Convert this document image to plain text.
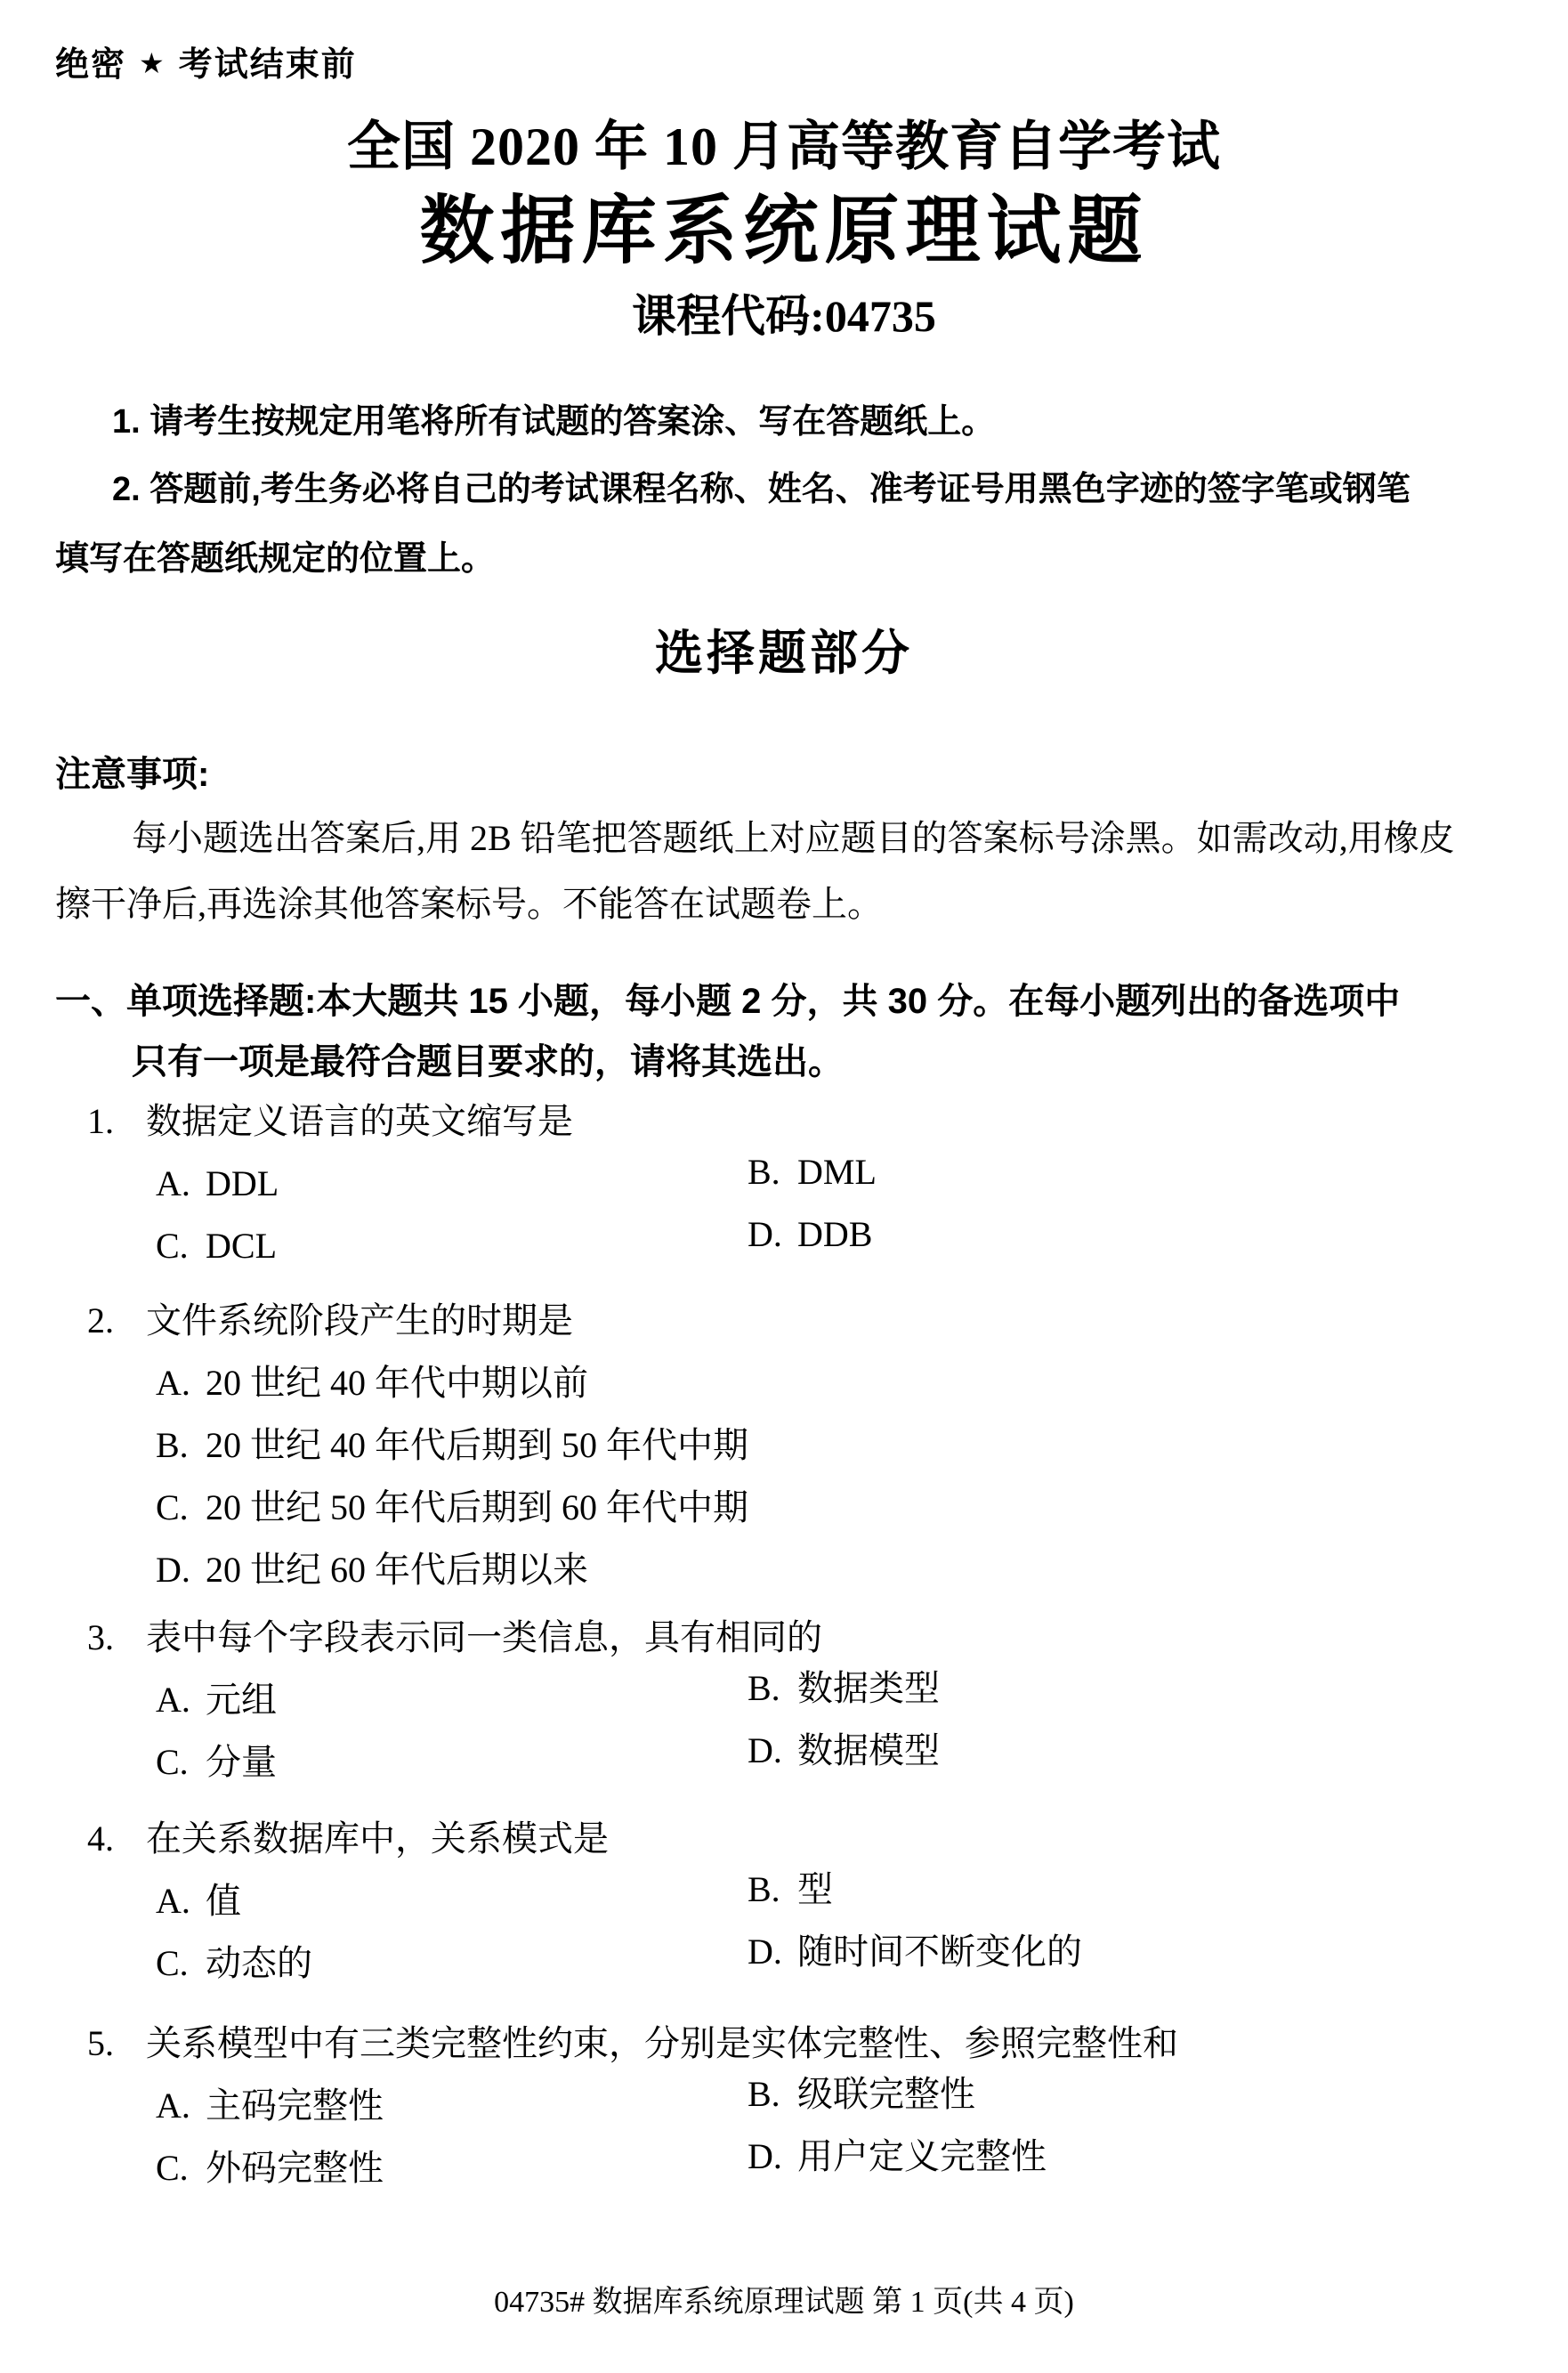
绝密 ★ 考试结束前
全国 2020 年 10 月高等教育自学考试
数据库系统原理试题
课程代码:04735
1. 请考生按规定用笔将所有试题的答案涂、写在答题纸上。
2. 答题前,考生务必将自己的考试课程名称、姓名、准考证号用黑色字迹的签字笔或钢笔
填写在答题纸规定的位置上。
选择题部分
注意事项:
每小题选出答案后,用 2B 铅笔把答题纸上对应题目的答案标号涂黑。如需改动,用橡皮
擦干净后,再选涂其他答案标号。不能答在试题卷上。
一、单项选择题:本大题共 15 小题，每小题 2 分，共 30 分。在每小题列出的备选项中
只有一项是最符合题目要求的，请将其选出。
1. 数据定义语言的英文缩写是
A. DDL	B. DML
C. DCL	D. DDB
2. 文件系统阶段产生的时期是
A. 20 世纪 40 年代中期以前
B. 20 世纪 40 年代后期到 50 年代中期
C. 20 世纪 50 年代后期到 60 年代中期
D. 20 世纪 60 年代后期以来
3. 表中每个字段表示同一类信息，具有相同的
A. 元组	B. 数据类型
C. 分量	D. 数据模型
4. 在关系数据库中，关系模式是
A. 值	B. 型
C. 动态的	D. 随时间不断变化的
5. 关系模型中有三类完整性约束，分别是实体完整性、参照完整性和
A. 主码完整性	B. 级联完整性
C. 外码完整性	D. 用户定义完整性
04735# 数据库系统原理试题 第 1 页(共 4 页)
